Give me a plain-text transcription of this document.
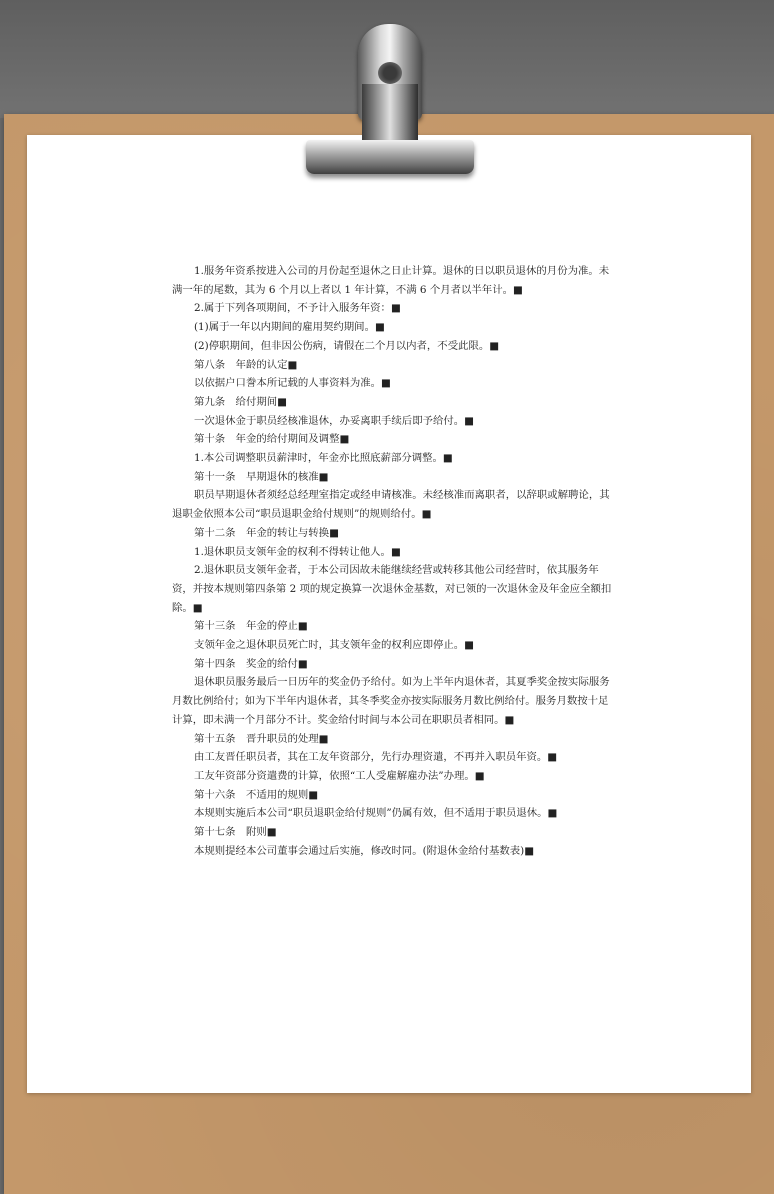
1.服务年资系按进入公司的月份起至退休之日止计算。退休的日以职员退休的月份为准。未满一年的尾数，其为 6 个月以上者以 1 年计算，不满 6 个月者以半年计。■

2.属于下列各项期间，不予计入服务年资：■

(1)属于一年以内期间的雇用契约期间。■

(2)停职期间，但非因公伤病，请假在二个月以内者，不受此限。■

第八条　年龄的认定■

以依据户口誊本所记载的人事资料为准。■

第九条　给付期间■

一次退休金于职员经核准退休，办妥离职手续后即予给付。■

第十条　年金的给付期间及调整■

1.本公司调整职员薪津时，年金亦比照底薪部分调整。■

第十一条　早期退休的核准■

职员早期退休者须经总经理室指定或经申请核准。未经核准而离职者，以辞职或解聘论，其退职金依照本公司“职员退职金给付规则”的规则给付。■

第十二条　年金的转让与转换■

1.退休职员支领年金的权利不得转让他人。■

2.退休职员支领年金者，于本公司因故未能继续经营或转移其他公司经营时，依其服务年资，并按本规则第四条第 2 项的规定换算一次退休金基数，对已领的一次退休金及年金应全额扣除。■

第十三条　年金的停止■

支领年金之退休职员死亡时，其支领年金的权利应即停止。■

第十四条　奖金的给付■

退休职员服务最后一日历年的奖金仍予给付。如为上半年内退休者，其夏季奖金按实际服务月数比例给付；如为下半年内退休者，其冬季奖金亦按实际服务月数比例给付。服务月数按十足计算，即未满一个月部分不计。奖金给付时间与本公司在职职员者相同。■

第十五条　晋升职员的处理■

由工友晋任职员者，其在工友年资部分，先行办理资遣，不再并入职员年资。■

工友年资部分资遣费的计算，依照“工人受雇解雇办法”办理。■

第十六条　不适用的规则■

本规则实施后本公司“职员退职金给付规则”仍属有效，但不适用于职员退休。■

第十七条　附则■

本规则提经本公司董事会通过后实施，修改时同。(附退休金给付基数表)■
